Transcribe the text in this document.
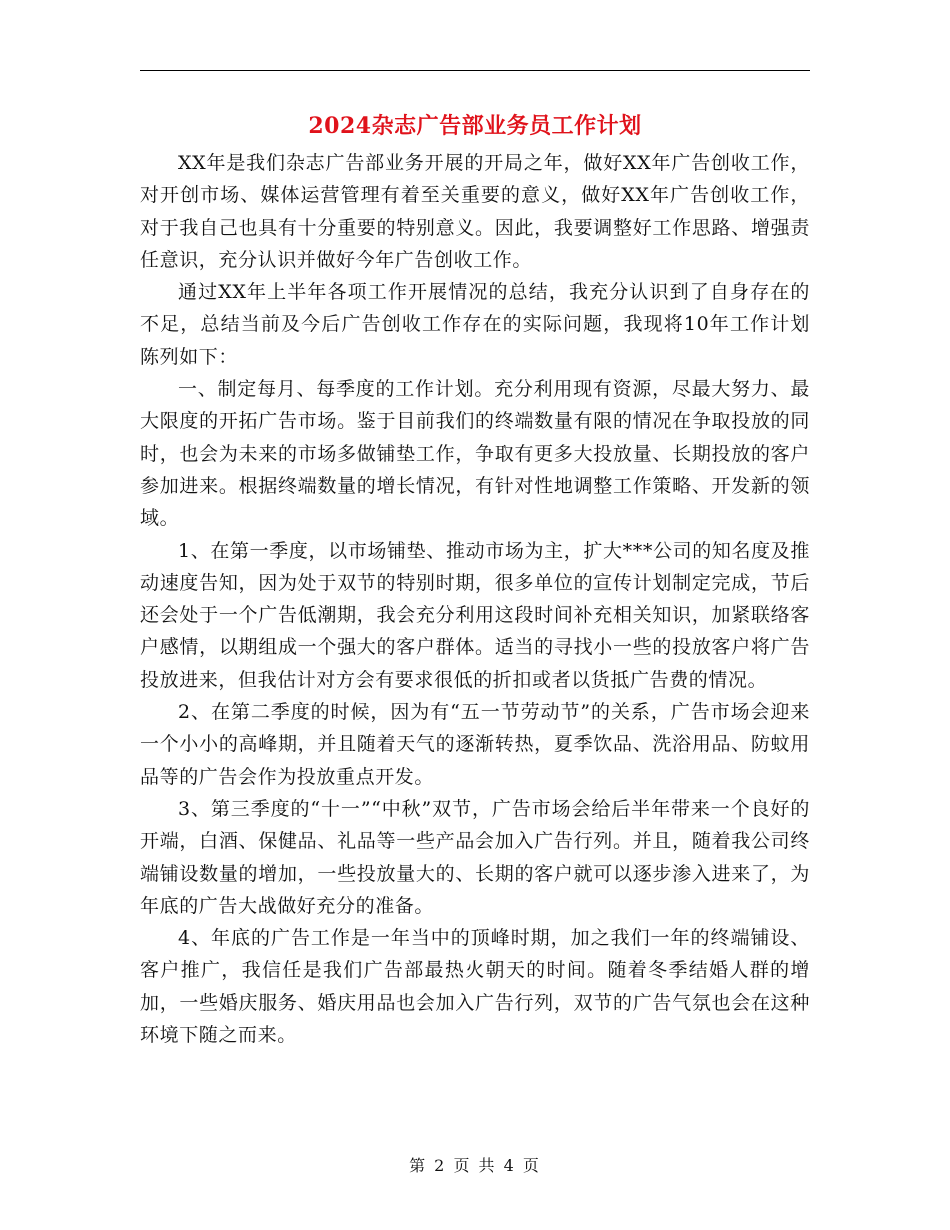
2024杂志广告部业务员工作计划

XX年是我们杂志广告部业务开展的开局之年，做好XX年广告创收工作，对开创市场、媒体运营管理有着至关重要的意义，做好XX年广告创收工作，对于我自己也具有十分重要的特别意义。因此，我要调整好工作思路、增强责任意识，充分认识并做好今年广告创收工作。

通过XX年上半年各项工作开展情况的总结，我充分认识到了自身存在的不足，总结当前及今后广告创收工作存在的实际问题，我现将10年工作计划陈列如下：

一、制定每月、每季度的工作计划。充分利用现有资源，尽最大努力、最大限度的开拓广告市场。鉴于目前我们的终端数量有限的情况在争取投放的同时，也会为未来的市场多做铺垫工作，争取有更多大投放量、长期投放的客户参加进来。根据终端数量的增长情况，有针对性地调整工作策略、开发新的领域。

1、在第一季度，以市场铺垫、推动市场为主，扩大***公司的知名度及推动速度告知，因为处于双节的特别时期，很多单位的宣传计划制定完成，节后还会处于一个广告低潮期，我会充分利用这段时间补充相关知识，加紧联络客户感情，以期组成一个强大的客户群体。适当的寻找小一些的投放客户将广告投放进来，但我估计对方会有要求很低的折扣或者以货抵广告费的情况。

2、在第二季度的时候，因为有“五一节劳动节”的关系，广告市场会迎来一个小小的高峰期，并且随着天气的逐渐转热，夏季饮品、洗浴用品、防蚊用品等的广告会作为投放重点开发。

3、第三季度的“十一”“中秋”双节，广告市场会给后半年带来一个良好的开端，白酒、保健品、礼品等一些产品会加入广告行列。并且，随着我公司终端铺设数量的增加，一些投放量大的、长期的客户就可以逐步渗入进来了，为年底的广告大战做好充分的准备。

4、年底的广告工作是一年当中的顶峰时期，加之我们一年的终端铺设、客户推广，我信任是我们广告部最热火朝天的时间。随着冬季结婚人群的增加，一些婚庆服务、婚庆用品也会加入广告行列，双节的广告气氛也会在这种环境下随之而来。

第 2 页 共 4 页
